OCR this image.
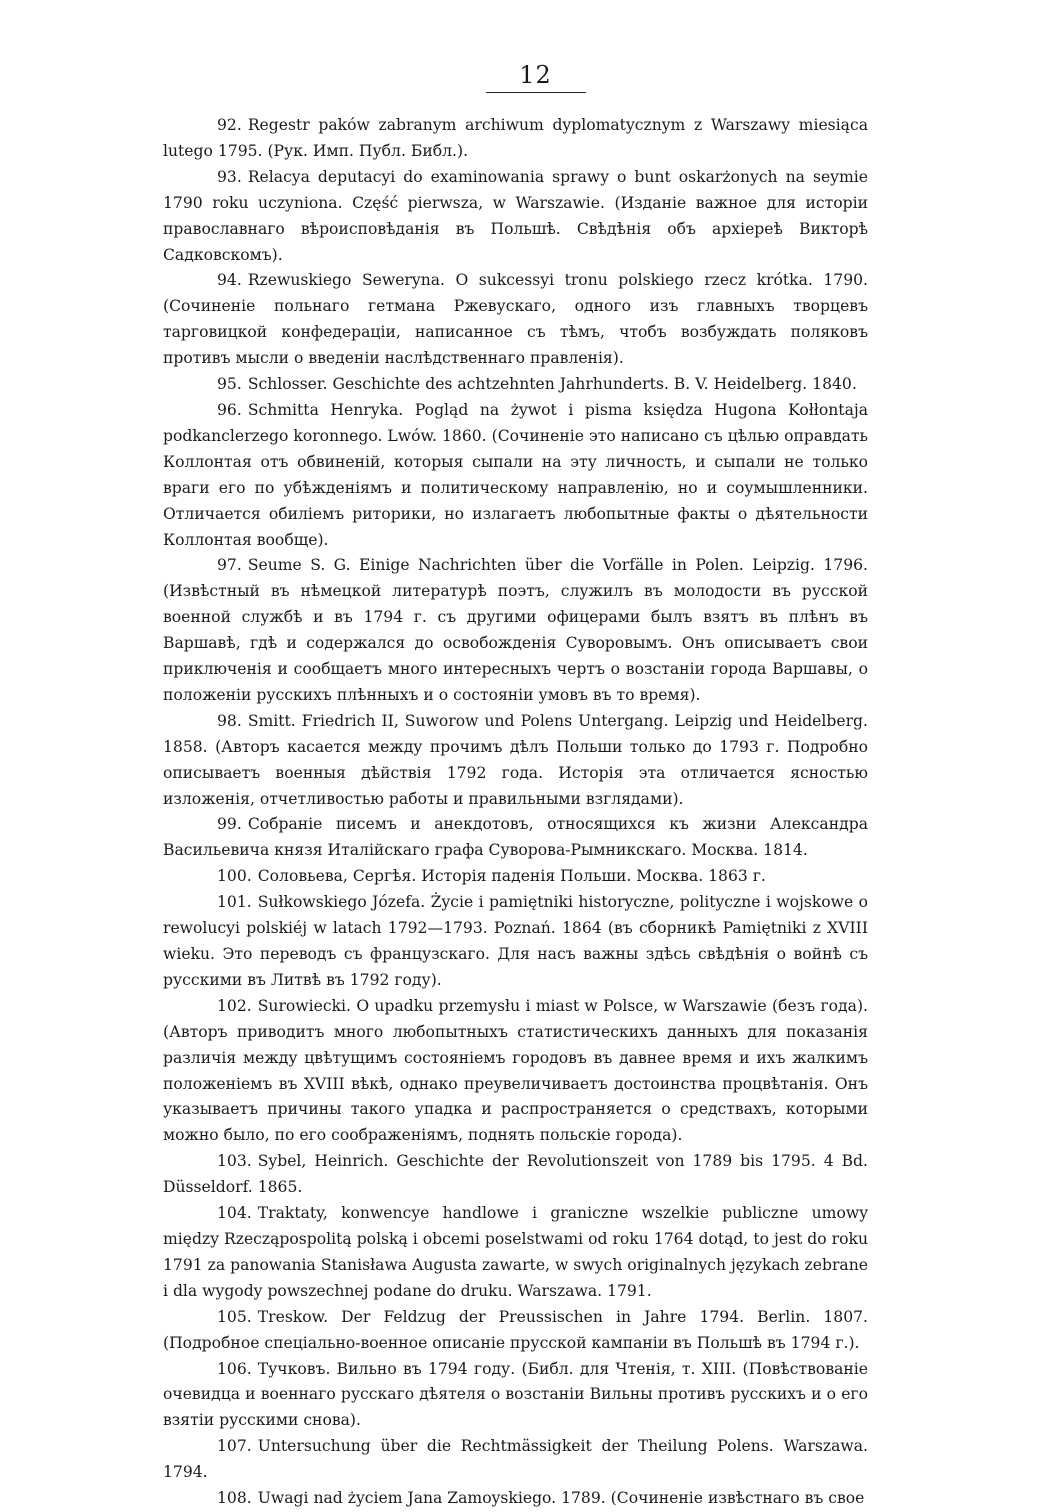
12

92. Regestr paków zabranym archiwum dyplomatycznym z Warszawy miesiąca lutego 1795. (Рук. Имп. Публ. Библ.).

93. Relacya deputacyi do examinowania sprawy o bunt oskarżonych na seymie 1790 roku uczyniona. Część pierwsza, w Warszawie. (Изданіе важное для исторіи православнаго вѣроисповѣданія въ Польшѣ. Свѣдѣнія объ архіереѣ Викторѣ Садковскомъ).

94. Rzewuskiego Seweryna. O sukcessyi tronu polskiego rzecz krótka. 1790. (Сочиненіе польнаго гетмана Ржевускаго, одного изъ главныхъ творцевъ тарговицкой конфедераціи, написанное съ тѣмъ, чтобъ возбуждать поляковъ противъ мысли о введеніи наслѣдственнаго правленія).

95. Schlosser. Geschichte des achtzehnten Jahrhunderts. B. V. Heidelberg. 1840.

96. Schmitta Henryka. Pogląd na żywot i pisma księdza Hugona Kołłontaja podkanclerzego koronnego. Lwów. 1860. (Сочиненіе это написано съ цѣлью оправдать Коллонтая отъ обвиненій, которыя сыпали на эту личность, и сыпали не только враги его по убѣжденіямъ и политическому направленію, но и соумышленники. Отличается обиліемъ риторики, но излагаетъ любопытные факты о дѣятельности Коллонтая вообще).

97. Seume S. G. Einige Nachrichten über die Vorfälle in Polen. Leipzig. 1796. (Извѣстный въ нѣмецкой литературѣ поэтъ, служилъ въ молодости въ русской военной службѣ и въ 1794 г. съ другими офицерами былъ взятъ въ плѣнъ въ Варшавѣ, гдѣ и содержался до освобожденія Суворовымъ. Онъ описываетъ свои приключенія и сообщаетъ много интересныхъ чертъ о возстаніи города Варшавы, о положеніи русскихъ плѣнныхъ и о состояніи умовъ въ то время).

98. Smitt. Friedrich II, Suworow und Polens Untergang. Leipzig und Heidelberg. 1858. (Авторъ касается между прочимъ дѣлъ Польши только до 1793 г. Подробно описываетъ военныя дѣйствія 1792 года. Исторія эта отличается ясностью изложенія, отчетливостью работы и правильными взглядами).

99. Собраніе писемъ и анекдотовъ, относящихся къ жизни Александра Васильевича князя Италійскаго графа Суворова-Рымникскаго. Москва. 1814.

100. Соловьева, Сергѣя. Исторія паденія Польши. Москва. 1863 г.

101. Sułkowskiego Józefa. Życie i pamiętniki historyczne, polityczne i wojskowe o rewolucyi polskiéj w latach 1792—1793. Poznań. 1864 (въ сборникѣ Pamiętniki z XVIII wieku. Это переводъ съ французскаго. Для насъ важны здѣсь свѣдѣнія о войнѣ съ русскими въ Литвѣ въ 1792 году).

102. Surowiecki. O upadku przemysłu i miast w Polsce, w Warszawie (безъ года). (Авторъ приводитъ много любопытныхъ статистическихъ данныхъ для показанія различія между цвѣтущимъ состояніемъ городовъ въ давнее время и ихъ жалкимъ положеніемъ въ XVIII вѣкѣ, однако преувеличиваетъ достоинства процвѣтанія. Онъ указываетъ причины такого упадка и распространяется о средствахъ, которыми можно было, по его соображеніямъ, поднять польскіе города).

103. Sybel, Heinrich. Geschichte der Revolutionszeit von 1789 bis 1795. 4 Bd. Düsseldorf. 1865.

104. Traktaty, konwencye handlowe i graniczne wszelkie publiczne umowy między Rzecząpospolitą polską i obcemi poselstwami od roku 1764 dotąd, to jest do roku 1791 za panowania Stanisława Augusta zawarte, w swych originalnych językach zebrane i dla wygody powszechnej podane do druku. Warszawa. 1791.

105. Treskow. Der Feldzug der Preussischen in Jahre 1794. Berlin. 1807. (Подробное спеціально-военное описаніе прусской кампаніи въ Польшѣ въ 1794 г.).

106. Тучковъ. Вильно въ 1794 году. (Библ. для Чтенія, т. XIII. (Повѣствованіе очевидца и военнаго русскаго дѣятеля о возстаніи Вильны противъ русскихъ и о его взятіи русскими снова).

107. Untersuchung über die Rechtmässigkeit der Theilung Polens. Warszawa. 1794.

108. Uwagi nad życiem Jana Zamoyskiego. 1789. (Сочиненіе извѣстнаго въ свое
